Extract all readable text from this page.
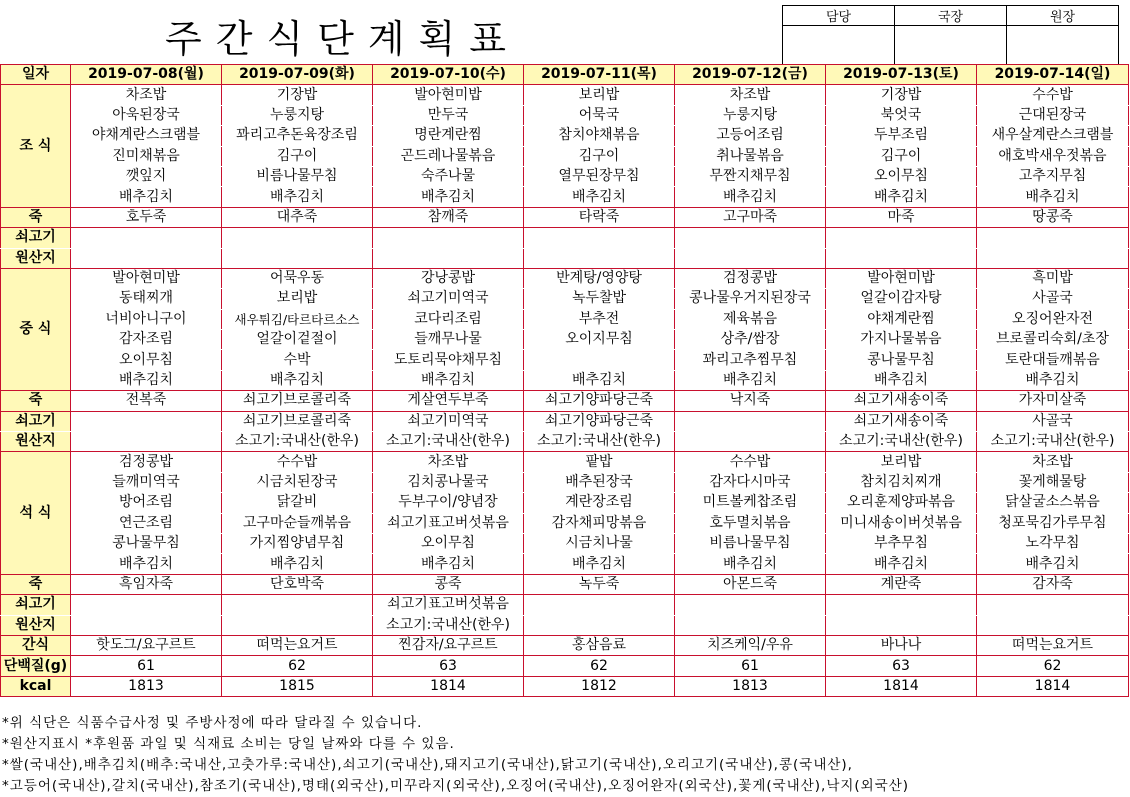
주간식단계획표	담당	국장	원장

일자	2019-07-08(월)	2019-07-09(화)	2019-07-10(수)	2019-07-11(목)	2019-07-12(금)	2019-07-13(토)	2019-07-14(일)
조 식	차조밥	기장밥	발아현미밥	보리밥	차조밥	기장밥	수수밥
	아욱된장국	누룽지탕	만두국	어묵국	누룽지탕	북엇국	근대된장국
	야채계란스크램블	꽈리고추돈육장조림	명란계란찜	참치야채볶음	고등어조림	두부조림	새우살계란스크램블
	진미채볶음	김구이	곤드레나물볶음	김구이	취나물볶음	김구이	애호박새우젓볶음
	깻잎지	비름나물무침	숙주나물	열무된장무침	무짠지채무침	오이무침	고추지무침
	배추김치	배추김치	배추김치	배추김치	배추김치	배추김치	배추김치
죽	호두죽	대추죽	참깨죽	타락죽	고구마죽	마죽	땅콩죽
쇠고기							
원산지							
중 식	발아현미밥	어묵우동	강낭콩밥	반계탕/영양탕	검정콩밥	발아현미밥	흑미밥
	동태찌개	보리밥	쇠고기미역국	녹두찰밥	콩나물우거지된장국	얼갈이감자탕	사골국
	너비아니구이	새우튀김/타르타르소스	코다리조림	부추전	제육볶음	야채계란찜	오징어완자전
	감자조림	얼갈이겉절이	들깨무나물	오이지무침	상추/쌈장	가지나물볶음	브로콜리숙회/초장
	오이무침	수박	도토리묵야채무침		꽈리고추찜무침	콩나물무침	토란대들깨볶음
	배추김치	배추김치	배추김치	배추김치	배추김치	배추김치	배추김치
죽	전복죽	쇠고기브로콜리죽	게살연두부죽	쇠고기양파당근죽	낙지죽	쇠고기새송이죽	가자미살죽
쇠고기		쇠고기브로콜리죽	쇠고기미역국	쇠고기양파당근죽		쇠고기새송이죽	사골국
원산지		소고기:국내산(한우)	소고기:국내산(한우)	소고기:국내산(한우)		소고기:국내산(한우)	소고기:국내산(한우)
석 식	검정콩밥	수수밥	차조밥	팥밥	수수밥	보리밥	차조밥
	들깨미역국	시금치된장국	김치콩나물국	배추된장국	감자다시마국	참치김치찌개	꽃게해물탕
	방어조림	닭갈비	두부구이/양념장	계란장조림	미트볼케찹조림	오리훈제양파볶음	닭살굴소스볶음
	연근조림	고구마순들깨볶음	쇠고기표고버섯볶음	감자채피망볶음	호두멸치볶음	미니새송이버섯볶음	청포묵김가루무침
	콩나물무침	가지찜양념무침	오이무침	시금치나물	비름나물무침	부추무침	노각무침
	배추김치	배추김치	배추김치	배추김치	배추김치	배추김치	배추김치
죽	흑임자죽	단호박죽	콩죽	녹두죽	아몬드죽	계란죽	감자죽
쇠고기			쇠고기표고버섯볶음				
원산지			소고기:국내산(한우)				
간식	핫도그/요구르트	떠먹는요거트	찐감자/요구르트	홍삼음료	치즈케익/우유	바나나	떠먹는요거트
단백질(g)	61	62	63	62	61	63	62
kcal	1813	1815	1814	1812	1813	1814	1814
*위 식단은 식품수급사정 및 주방사정에 따라 달라질 수 있습니다.
*원산지표시 *후원품 과일 및 식재료 소비는 당일 날짜와 다를 수 있음.
*쌀(국내산),배추김치(배추:국내산,고춧가루:국내산),쇠고기(국내산),돼지고기(국내산),닭고기(국내산),오리고기(국내산),콩(국내산),
*고등어(국내산),갈치(국내산),참조기(국내산),명태(외국산),미꾸라지(외국산),오징어(국내산),오징어완자(외국산),꽃게(국내산),낙지(외국산)
